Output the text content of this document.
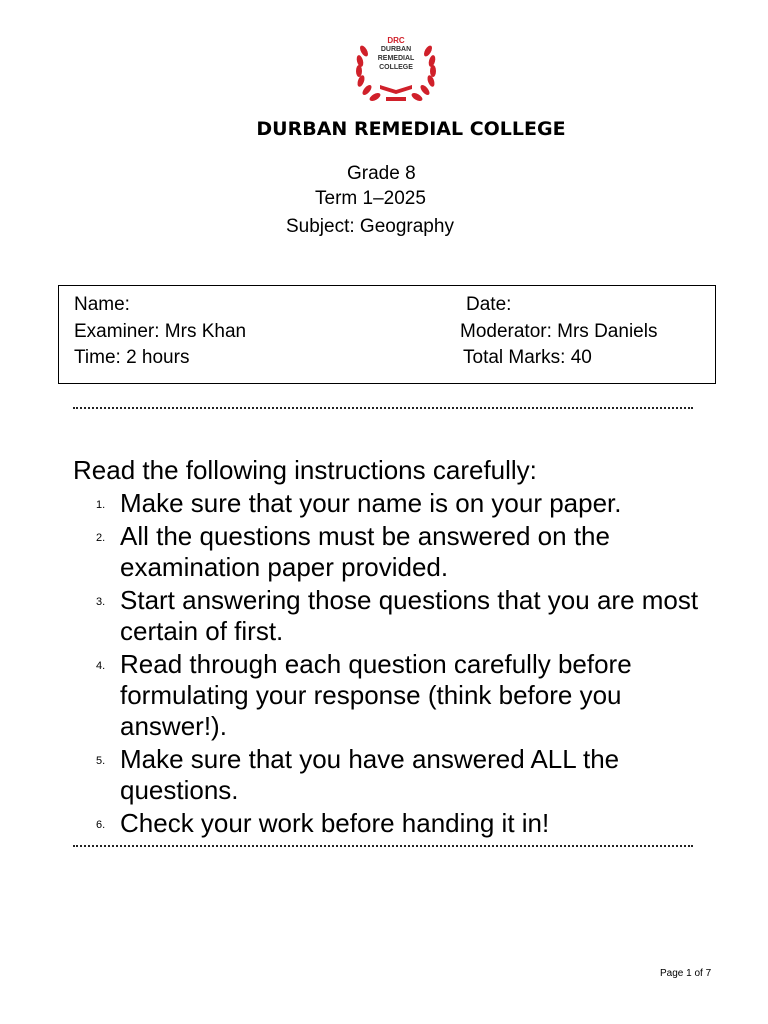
DRC
DURBAN
REMEDIAL
COLLEGE
DURBAN REMEDIAL COLLEGE
Grade 8
Term 1–2025
Subject: Geography
Name:	Date:
Examiner: Mrs Khan	Moderator: Mrs Daniels
Time: 2 hours	Total Marks: 40
Read the following instructions carefully:
1. Make sure that your name is on your paper.
2. All the questions must be answered on the examination paper provided.
3. Start answering those questions that you are most certain of first.
4. Read through each question carefully before formulating your response (think before you answer!).
5. Make sure that you have answered ALL the questions.
6. Check your work before handing it in!
Page 1 of 7
